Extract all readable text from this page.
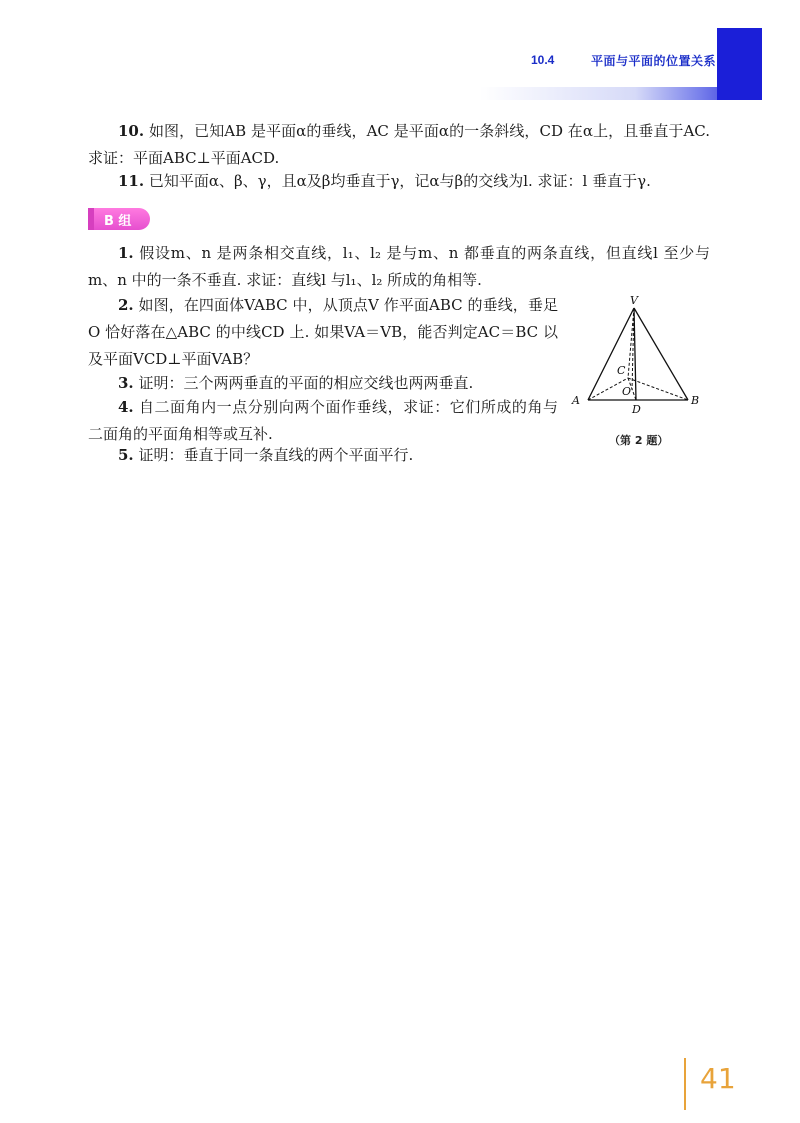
10.4	平面与平面的位置关系
10. 如图，已知AB 是平面α的垂线，AC 是平面α的一条斜线，CD 在α上，且垂直于AC. 求证：平面ABC⊥平面ACD.
11. 已知平面α、β、γ，且α及β均垂直于γ，记α与β的交线为l. 求证：l 垂直于γ.
B 组
1. 假设m、n 是两条相交直线，l₁、l₂ 是与m、n 都垂直的两条直线，但直线l 至少与m、n 中的一条不垂直. 求证：直线l 与l₁、l₂ 所成的角相等.
2. 如图，在四面体VABC 中，从顶点V 作平面ABC 的垂线，垂足O 恰好落在△ABC 的中线CD 上. 如果VA＝VB，能否判定AC＝BC 以及平面VCD⊥平面VAB？
3. 证明：三个两两垂直的平面的相应交线也两两垂直.
4. 自二面角内一点分别向两个面作垂线，求证：它们所成的角与二面角的平面角相等或互补.
5. 证明：垂直于同一条直线的两个平面平行.
V
A	B
C
D
O
（第 2 题）
41
